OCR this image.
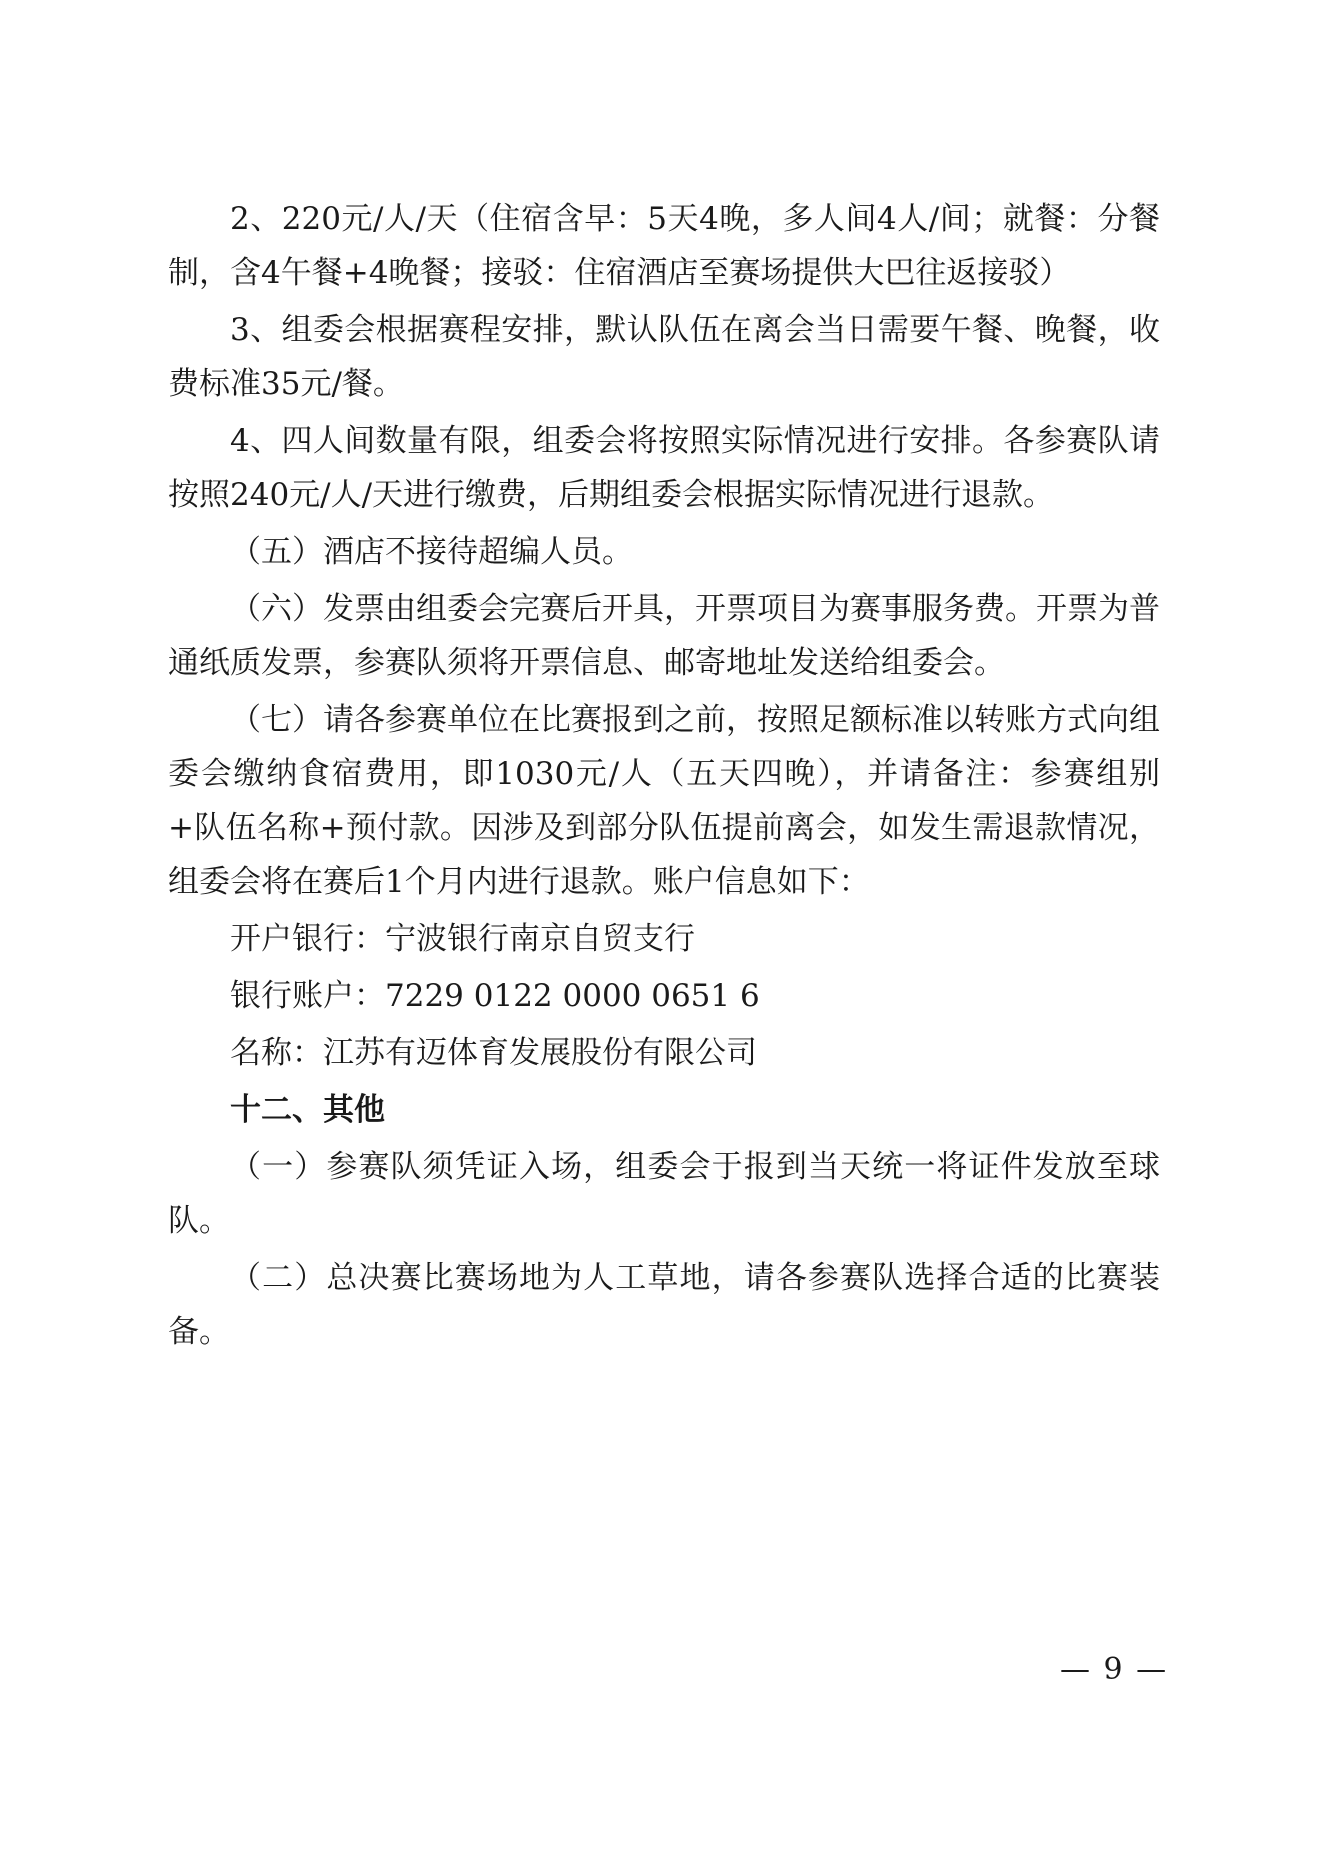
2、220元/人/天（住宿含早：5天4晚，多人间4人/间；就餐：分餐制，含4午餐+4晚餐；接驳：住宿酒店至赛场提供大巴往返接驳）

3、组委会根据赛程安排，默认队伍在离会当日需要午餐、晚餐，收费标准35元/餐。

4、四人间数量有限，组委会将按照实际情况进行安排。各参赛队请按照240元/人/天进行缴费，后期组委会根据实际情况进行退款。

（五）酒店不接待超编人员。

（六）发票由组委会完赛后开具，开票项目为赛事服务费。开票为普通纸质发票，参赛队须将开票信息、邮寄地址发送给组委会。

（七）请各参赛单位在比赛报到之前，按照足额标准以转账方式向组委会缴纳食宿费用，即1030元/人（五天四晚），并请备注：参赛组别+队伍名称+预付款。因涉及到部分队伍提前离会，如发生需退款情况，组委会将在赛后1个月内进行退款。账户信息如下：

开户银行：宁波银行南京自贸支行
银行账户：7229 0122 0000 0651 6
名称：江苏有迈体育发展股份有限公司
十二、其他

（一）参赛队须凭证入场，组委会于报到当天统一将证件发放至球队。

（二）总决赛比赛场地为人工草地，请各参赛队选择合适的比赛装备。

— 9 —
